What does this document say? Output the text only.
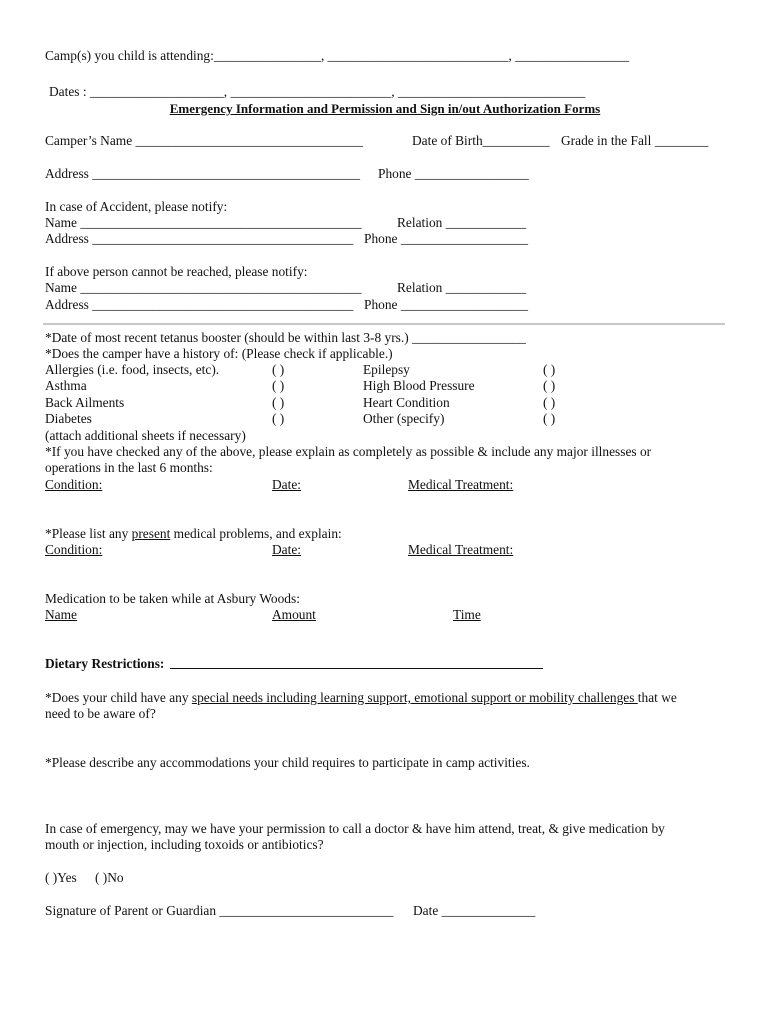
Camp(s) you child is attending:________________, ___________________________, _________________
Dates : ____________________, ________________________, ____________________________
Emergency Information and Permission and Sign in/out Authorization Forms
Camper’s Name __________________________________	Date of Birth__________ Grade in the Fall ________
Address ________________________________________ Phone _________________
In case of Accident, please notify:
Name __________________________________________	Relation ____________
Address _______________________________________ Phone ___________________
If above person cannot be reached, please notify:
Name __________________________________________	Relation ____________
Address _______________________________________ Phone ___________________
*Date of most recent tetanus booster (should be within last 3-8 yrs.) _________________
*Does the camper have a history of: (Please check if applicable.)
Allergies (i.e. food, insects, etc).	( )	Epilepsy	( )
Asthma	( )	High Blood Pressure	( )
Back Ailments	( )	Heart Condition	( )
Diabetes	( )	Other (specify)	( )
(attach additional sheets if necessary)
*If you have checked any of the above, please explain as completely as possible & include any major illnesses or
operations in the last 6 months:
Condition:	Date:	Medical Treatment:
*Please list any present medical problems, and explain:
Condition:	Date:	Medical Treatment:
Medication to be taken while at Asbury Woods:
Name	Amount	Time
Dietary Restrictions:
*Does your child have any special needs including learning support, emotional support or mobility challenges that we
need to be aware of?
*Please describe any accommodations your child requires to participate in camp activities.
In case of emergency, may we have your permission to call a doctor & have him attend, treat, & give medication by
mouth or injection, including toxoids or antibiotics?
( )Yes ( )No
Signature of Parent or Guardian __________________________ Date ______________
